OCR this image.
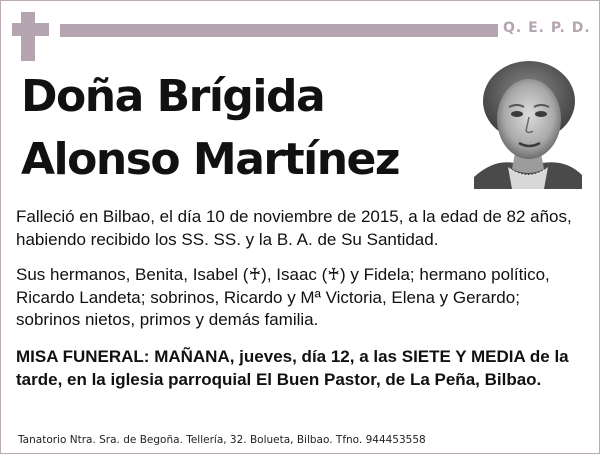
Q. E. P. D.
Doña Brígida
Alonso Martínez
Falleció en Bilbao, el día 10 de noviembre de 2015, a la edad de 82 años, habiendo recibido los SS. SS. y la B. A. de Su Santidad.
Sus hermanos, Benita, Isabel (♰), Isaac (♰) y Fidela; hermano político, Ricardo Landeta; sobrinos, Ricardo y Mª Victoria, Elena y Gerardo; sobrinos nietos, primos y demás familia.
MISA FUNERAL: MAÑANA, jueves, día 12, a las SIETE Y MEDIA de la tarde, en la iglesia parroquial El Buen Pastor, de La Peña, Bilbao.
Tanatorio Ntra. Sra. de Begoña. Tellería, 32. Bolueta, Bilbao. Tfno. 944453558
